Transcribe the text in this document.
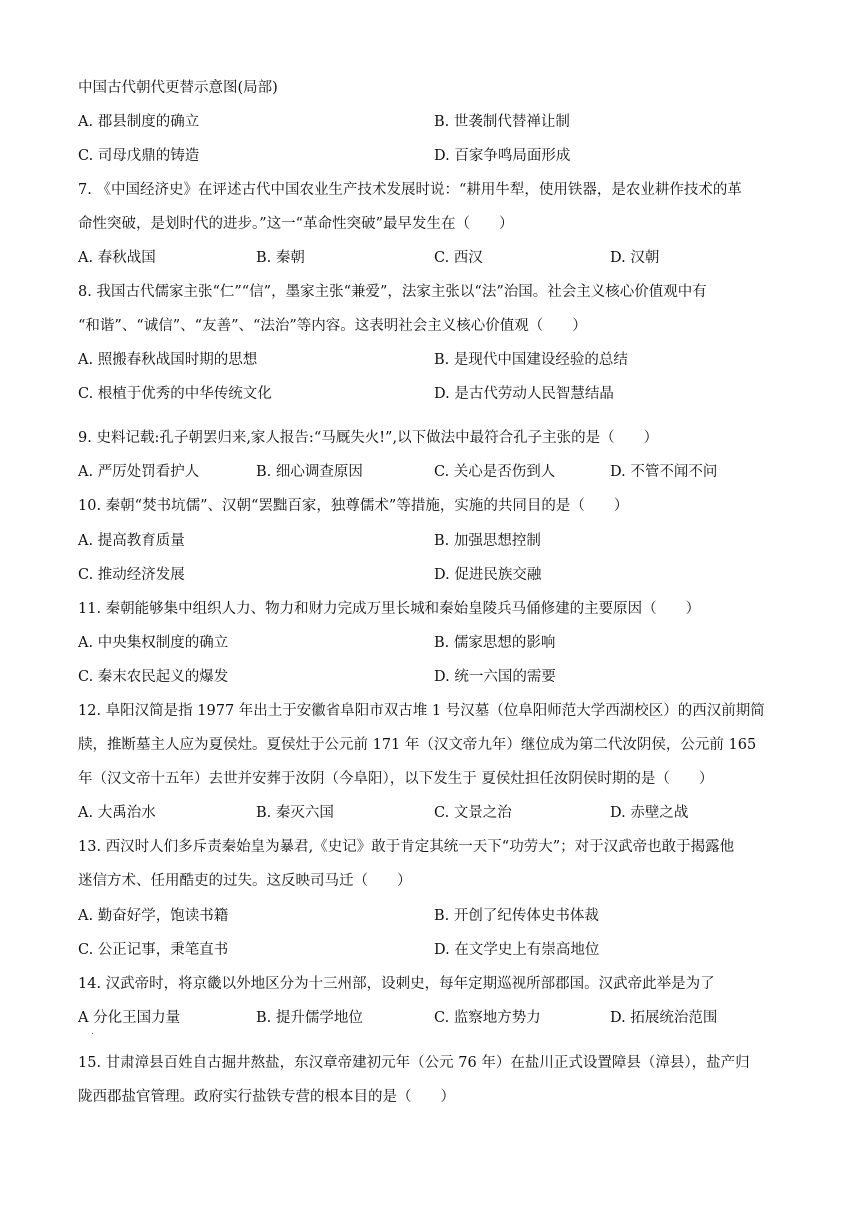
中国古代朝代更替示意图(局部)
A. 郡县制度的确立	B. 世袭制代替禅让制
C. 司母戊鼎的铸造	D. 百家争鸣局面形成
7. 《中国经济史》在评述古代中国农业生产技术发展时说：“耕用牛犁，使用铁器，是农业耕作技术的革
命性突破，是划时代的进步。”这一“革命性突破”最早发生在（　　）
A. 春秋战国	B. 秦朝	C. 西汉	D. 汉朝
8. 我国古代儒家主张“仁”“信”，墨家主张“兼爱”，法家主张以“法”治国。社会主义核心价值观中有
“和谐”、“诚信”、“友善”、“法治”等内容。这表明社会主义核心价值观（　　）
A. 照搬春秋战国时期的思想	B. 是现代中国建设经验的总结
C. 根植于优秀的中华传统文化	D. 是古代劳动人民智慧结晶
9. 史料记载:孔子朝罢归来,家人报告:“马厩失火!”,以下做法中最符合孔子主张的是（　　）
A. 严厉处罚看护人	B. 细心调查原因	C. 关心是否伤到人	D. 不管不闻不问
10. 秦朝“焚书坑儒”、汉朝“罢黜百家，独尊儒术”等措施，实施的共同目的是（　　）
A. 提高教育质量	B. 加强思想控制
C. 推动经济发展	D. 促进民族交融
11. 秦朝能够集中组织人力、物力和财力完成万里长城和秦始皇陵兵马俑修建的主要原因（　　）
A. 中央集权制度的确立	B. 儒家思想的影响
C. 秦末农民起义的爆发	D. 统一六国的需要
12. 阜阳汉简是指 1977 年出土于安徽省阜阳市双古堆 1 号汉墓（位阜阳师范大学西湖校区）的西汉前期简
牍，推断墓主人应为夏侯灶。夏侯灶于公元前 171 年（汉文帝九年）继位成为第二代汝阴侯，公元前 165
年（汉文帝十五年）去世并安葬于汝阴（今阜阳），以下发生于 夏侯灶担任汝阴侯时期的是（　　）
A. 大禹治水	B. 秦灭六国	C. 文景之治	D. 赤壁之战
13. 西汉时人们多斥责秦始皇为暴君,《史记》敢于肯定其统一天下“功劳大”；对于汉武帝也敢于揭露他
迷信方术、任用酷吏的过失。这反映司马迁（　　）
A. 勤奋好学，饱读书籍	B. 开创了纪传体史书体裁
C. 公正记事，秉笔直书	D. 在文学史上有崇高地位
14. 汉武帝时，将京畿以外地区分为十三州部，设刺史，每年定期巡视所部郡国。汉武帝此举是为了
A 分化王国力量	B. 提升儒学地位	C. 监察地方势力	D. 拓展统治范围
.
15. 甘肃漳县百姓自古掘井熬盐，东汉章帝建初元年（公元 76 年）在盐川正式设置障县（漳县），盐产归
陇西郡盐官管理。政府实行盐铁专营的根本目的是（　　）
